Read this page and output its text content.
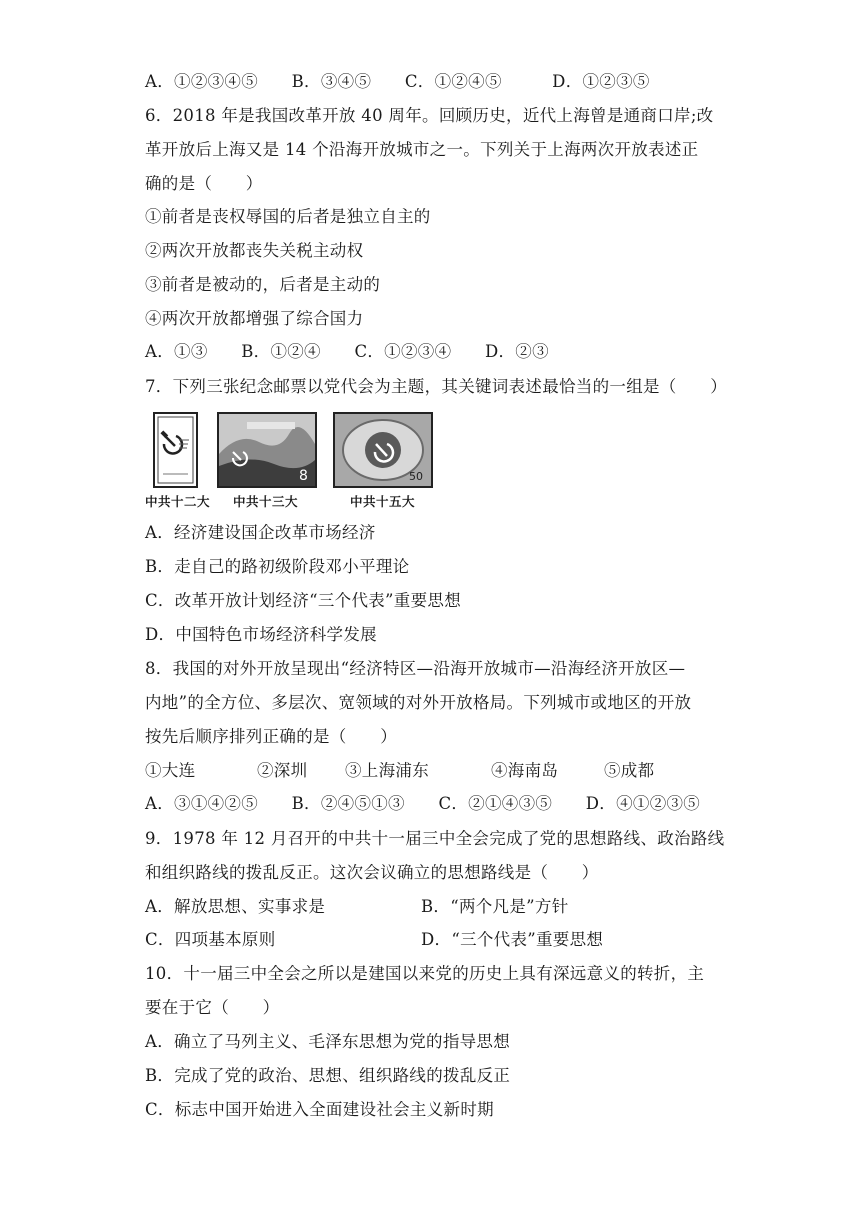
A．①②③④⑤　　B．③④⑤　　C．①②④⑤　　　D．①②③⑤
6．2018 年是我国改革开放 40 周年。回顾历史，近代上海曾是通商口岸;改
革开放后上海又是 14 个沿海开放城市之一。下列关于上海两次开放表述正
确的是（　　）
①前者是丧权辱国的后者是独立自主的
②两次开放都丧失关税主动权
③前者是被动的，后者是主动的
④两次开放都增强了综合国力
A．①③　　B．①②④　　C．①②③④　　D．②③
7．下列三张纪念邮票以党代会为主题，其关键词表述最恰当的一组是（　　）
8	50
中共十二大 中共十三大	中共十五大
A．经济建设国企改革市场经济
B．走自己的路初级阶段邓小平理论
C．改革开放计划经济“三个代表”重要思想
D．中国特色市场经济科学发展
8．我国的对外开放呈现出“经济特区—沿海开放城市—沿海经济开放区—
内地”的全方位、多层次、宽领域的对外开放格局。下列城市或地区的开放
按先后顺序排列正确的是（　　）
①大连	②深圳 ③上海浦东	④海南岛	⑤成都
A．③①④②⑤　　B．②④⑤①③　　C．②①④③⑤　　D．④①②③⑤
9．1978 年 12 月召开的中共十一届三中全会完成了党的思想路线、政治路线
和组织路线的拨乱反正。这次会议确立的思想路线是（　　）
A．解放思想、实事求是	B．“两个凡是”方针
C．四项基本原则	D．“三个代表”重要思想
10．十一届三中全会之所以是建国以来党的历史上具有深远意义的转折，主
要在于它（　　）
A．确立了马列主义、毛泽东思想为党的指导思想
B．完成了党的政治、思想、组织路线的拨乱反正
C．标志中国开始进入全面建设社会主义新时期
